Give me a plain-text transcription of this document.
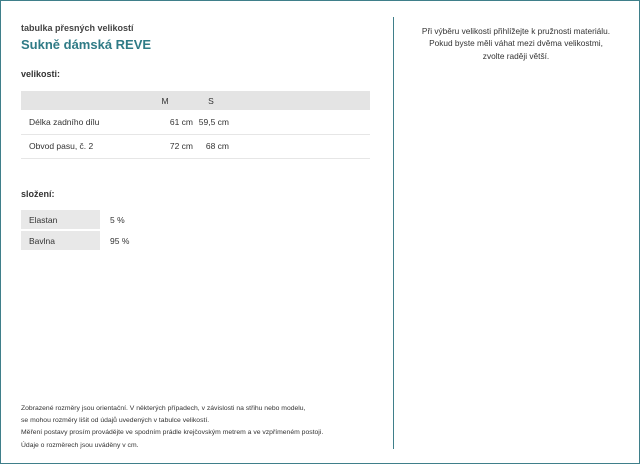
tabulka přesných velikostí

Sukně dámská REVE

velikosti:

	M	S	
Délka zadního dílu	61 cm	59,5 cm	
Obvod pasu, č. 2	72 cm	68 cm	

složení:

Elastan	5 %
Bavlna	95 %

Zobrazené rozměry jsou orientační. V některých případech, v závislosti na střihu nebo modelu,

se mohou rozměry lišit od údajů uvedených v tabulce velikostí.

Měření postavy prosím provádějte ve spodním prádle krejčovským metrem a ve vzpřímeném postoji.

Údaje o rozměrech jsou uváděny v cm.

Při výběru velikosti přihlížejte k pružnosti materiálu.

Pokud byste měli váhat mezi dvěma velikostmi,

zvolte raději větší.
